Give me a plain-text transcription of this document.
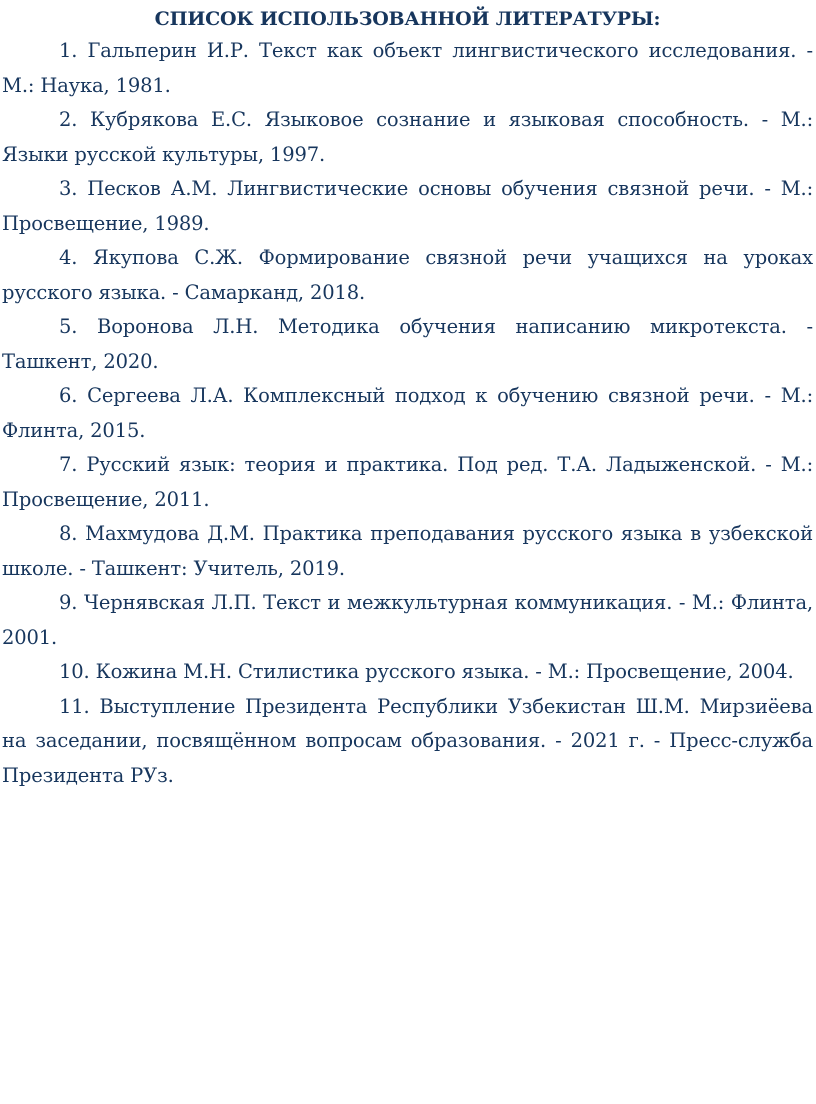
СПИСОК ИСПОЛЬЗОВАННОЙ ЛИТЕРАТУРЫ:
1. Гальперин И.Р. Текст как объект лингвистического исследования. - М.: Наука, 1981.
2. Кубрякова Е.С. Языковое сознание и языковая способность. - М.: Языки русской культуры, 1997.
3. Песков А.М. Лингвистические основы обучения связной речи. - М.: Просвещение, 1989.
4. Якупова С.Ж. Формирование связной речи учащихся на уроках русского языка. - Самарканд, 2018.
5. Воронова Л.Н. Методика обучения написанию микротекста. - Ташкент, 2020.
6. Сергеева Л.А. Комплексный подход к обучению связной речи. - М.: Флинта, 2015.
7. Русский язык: теория и практика. Под ред. Т.А. Ладыженской. - М.: Просвещение, 2011.
8. Махмудова Д.М. Практика преподавания русского языка в узбекской школе. - Ташкент: Учитель, 2019.
9. Чернявская Л.П. Текст и межкультурная коммуникация. - М.: Флинта, 2001.
10. Кожина М.Н. Стилистика русского языка. - М.: Просвещение, 2004.
11. Выступление Президента Республики Узбекистан Ш.М. Мирзиёева на заседании, посвящённом вопросам образования. - 2021 г. - Пресс-служба Президента РУз.
